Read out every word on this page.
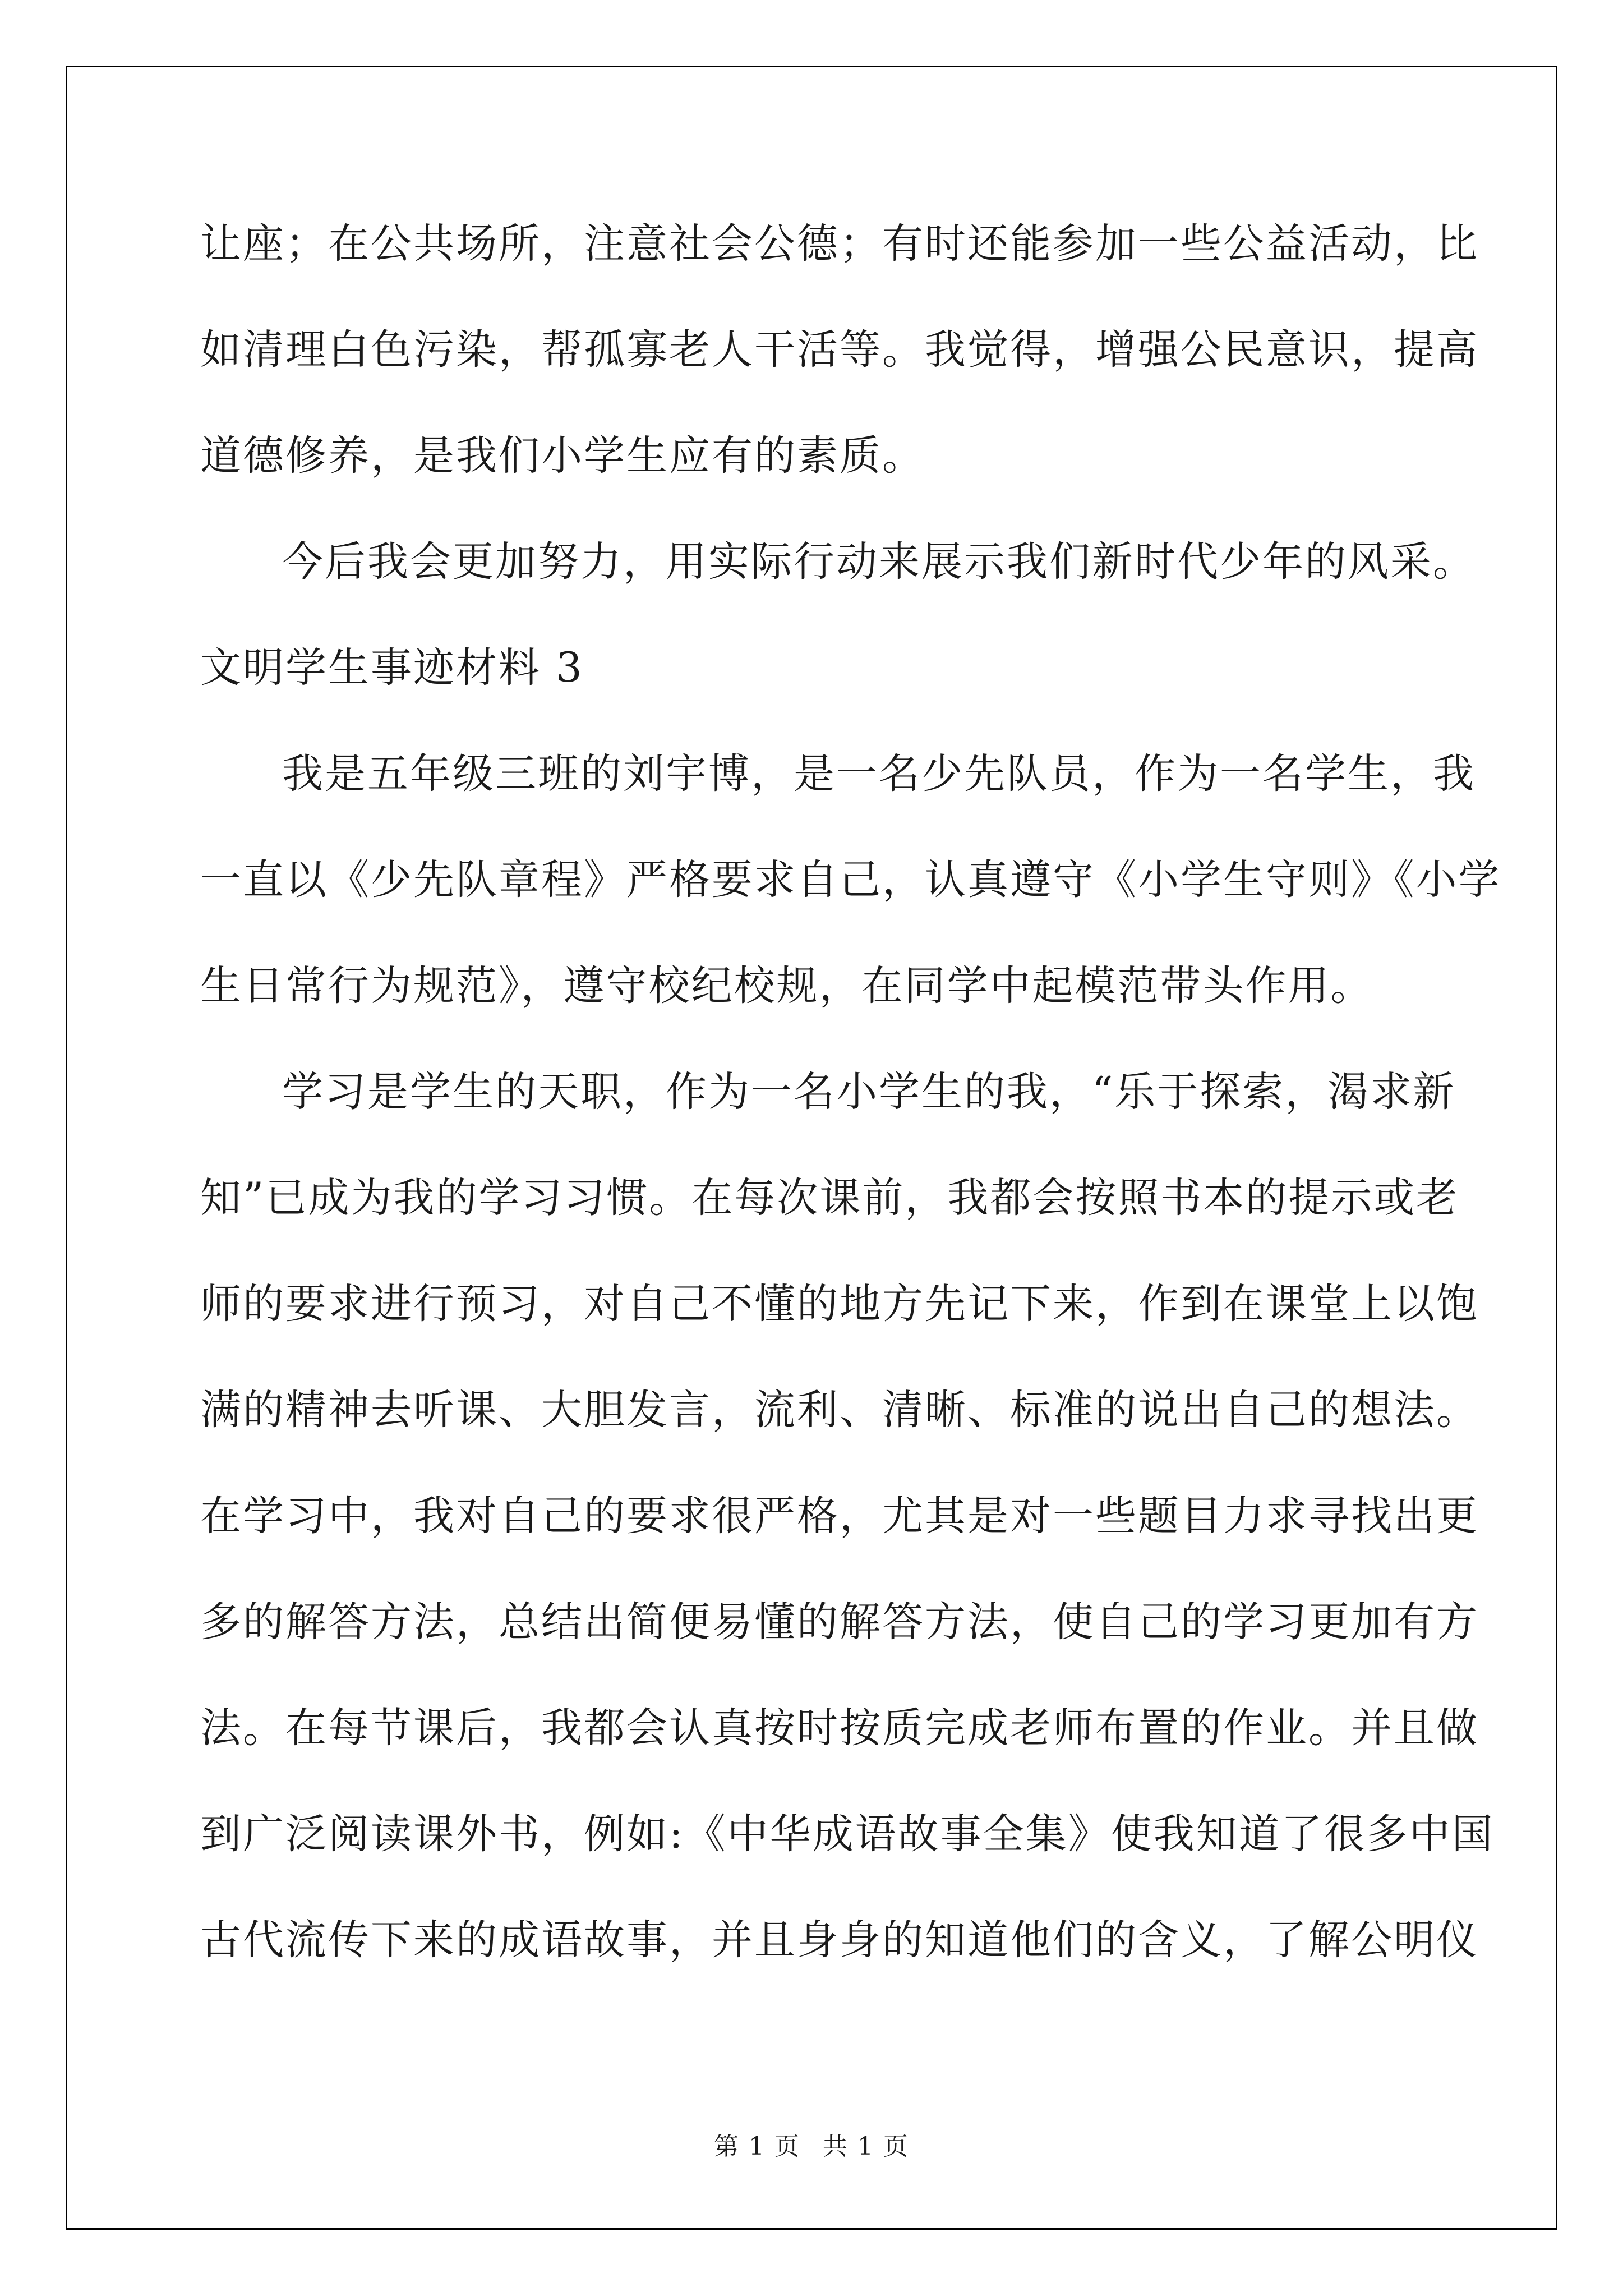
让座；在公共场所，注意社会公德；有时还能参加一些公益活动，比
如清理白色污染，帮孤寡老人干活等。我觉得，增强公民意识，提高
道德修养，是我们小学生应有的素质。
今后我会更加努力，用实际行动来展示我们新时代少年的风采。
文明学生事迹材料 3
我是五年级三班的刘宇博，是一名少先队员，作为一名学生，我
一直以《少先队章程》严格要求自己，认真遵守《小学生守则》《小学
生日常行为规范》，遵守校纪校规，在同学中起模范带头作用。
学习是学生的天职，作为一名小学生的我，“乐于探索，渴求新
知”已成为我的学习习惯。在每次课前，我都会按照书本的提示或老
师的要求进行预习，对自己不懂的地方先记下来，作到在课堂上以饱
满的精神去听课、大胆发言，流利、清晰、标准的说出自己的想法。
在学习中，我对自己的要求很严格，尤其是对一些题目力求寻找出更
多的解答方法，总结出简便易懂的解答方法，使自己的学习更加有方
法。在每节课后，我都会认真按时按质完成老师布置的作业。并且做
到广泛阅读课外书，例如:《中华成语故事全集》使我知道了很多中国
古代流传下来的成语故事，并且身身的知道他们的含义，了解公明仪
第 1 页 共 1 页
